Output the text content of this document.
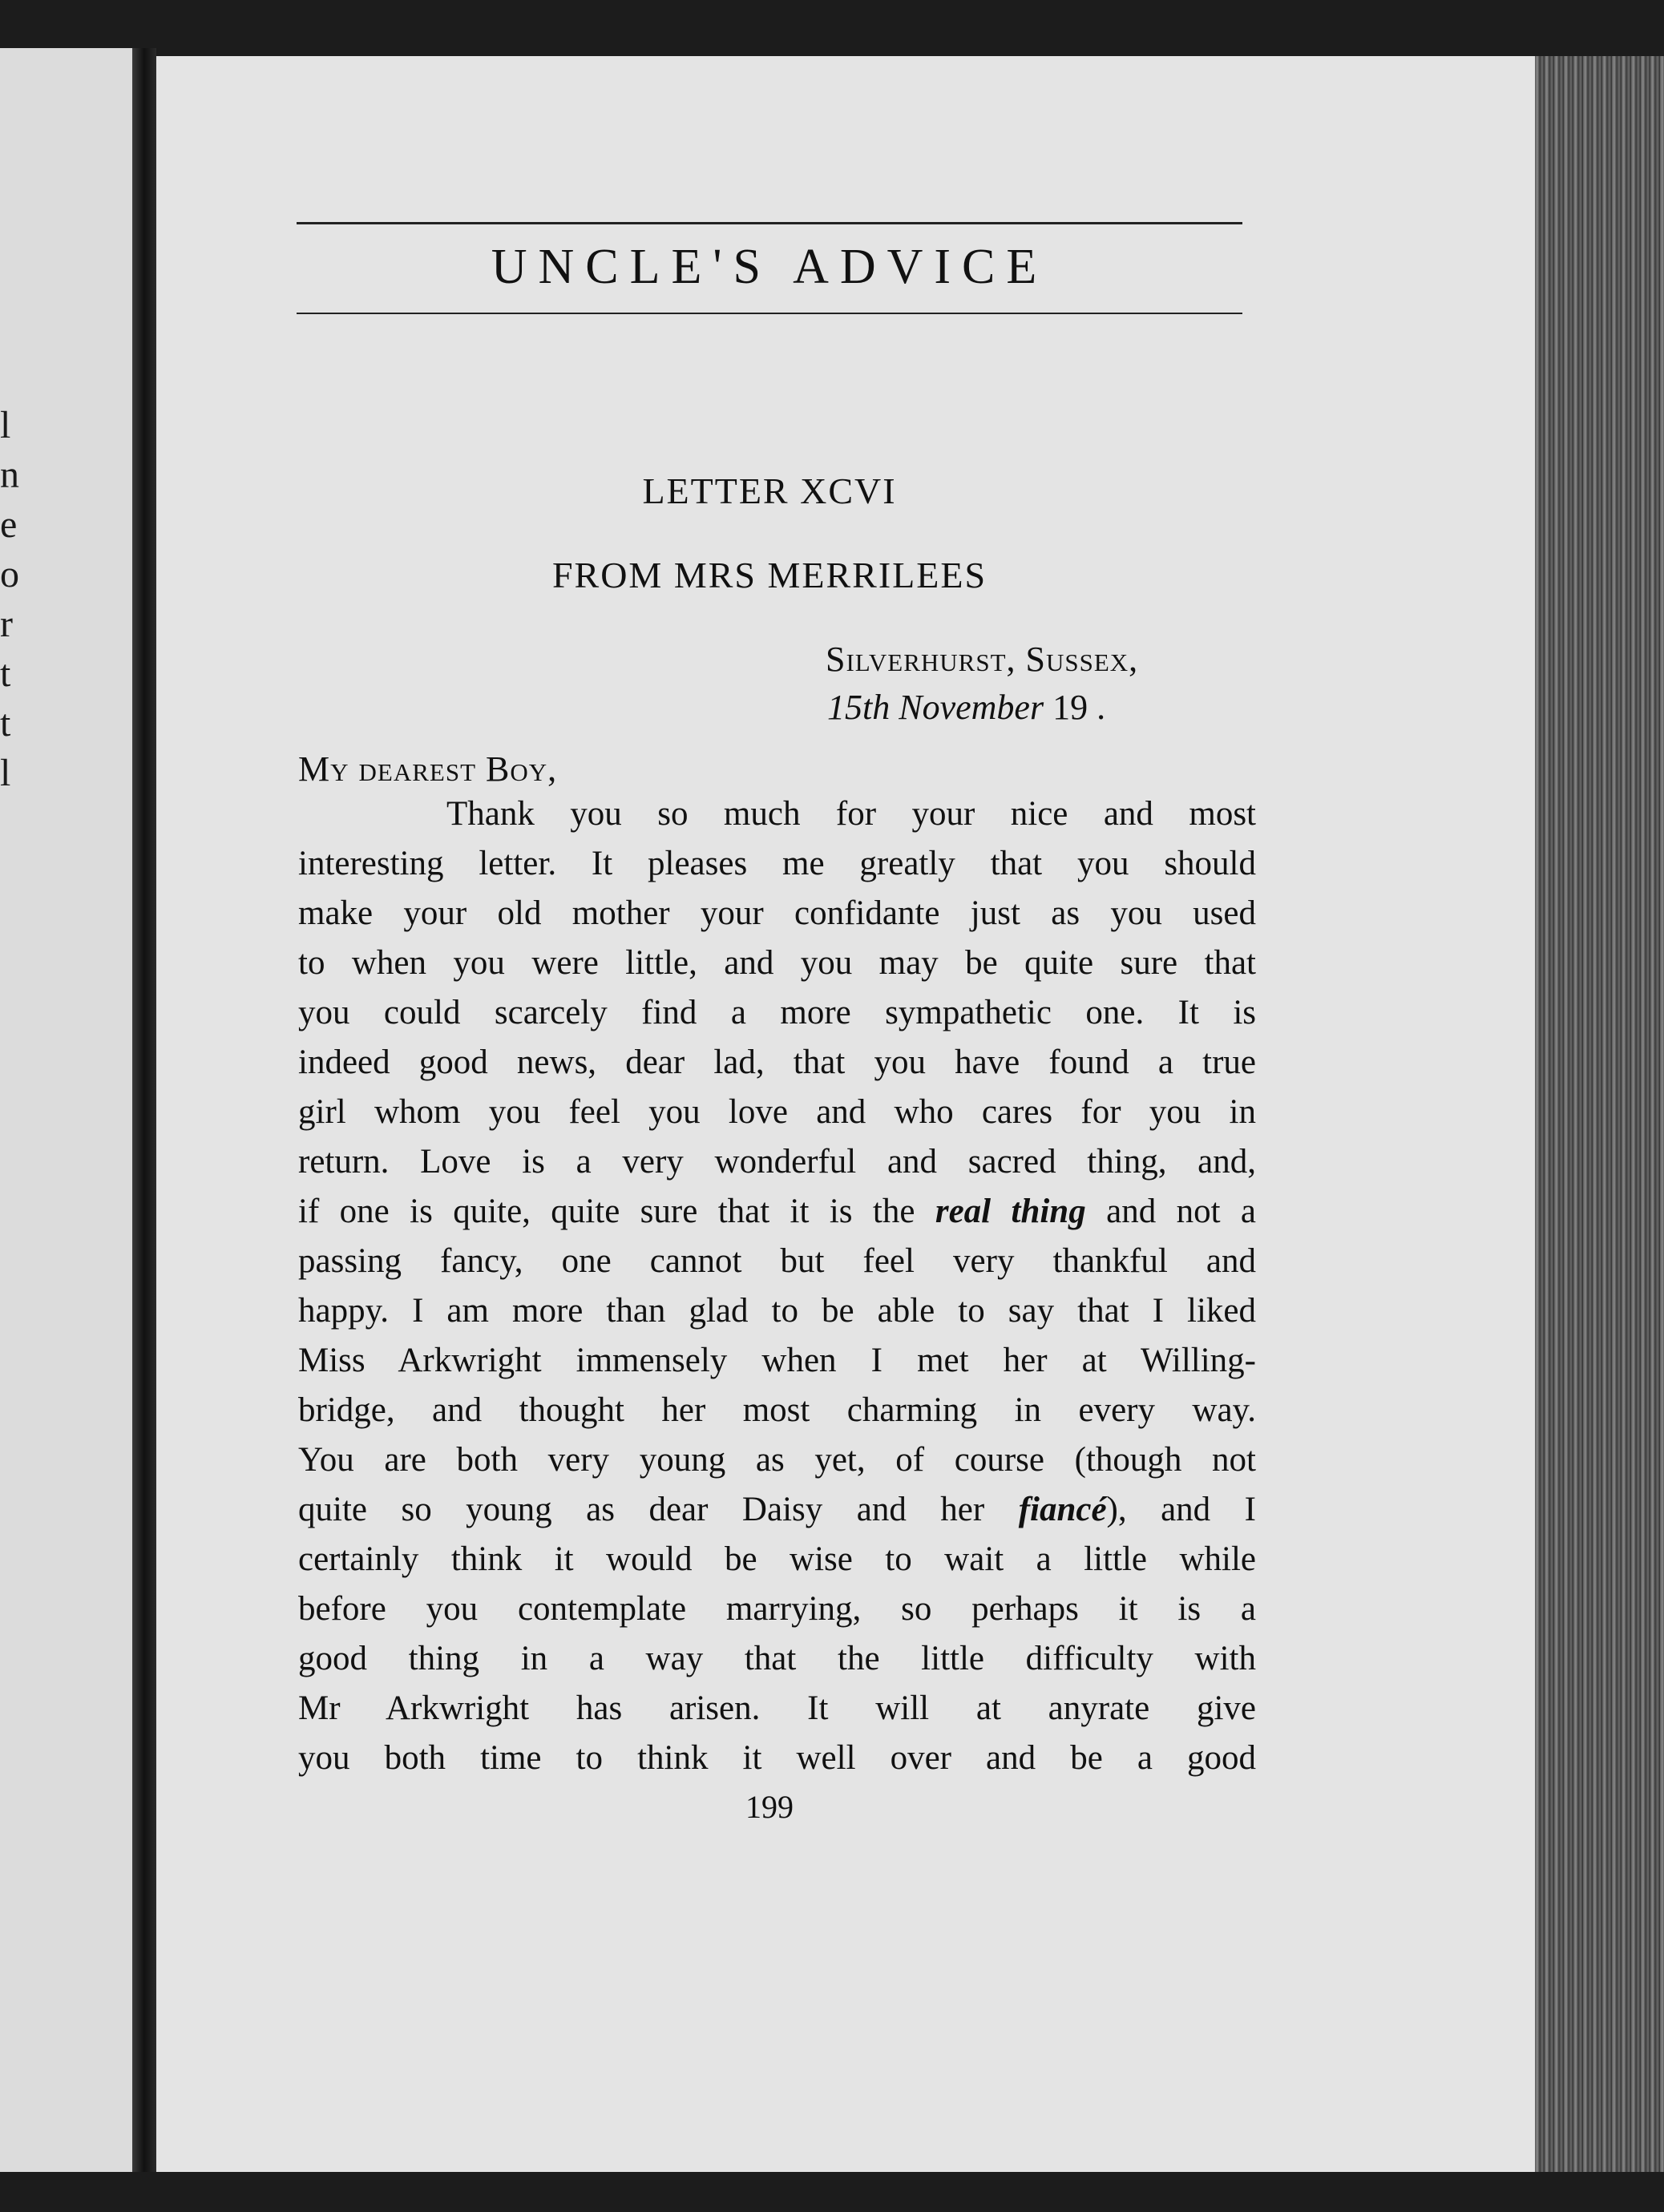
l
n
e
o
r
t
t
l
UNCLE'S ADVICE
LETTER XCVI
FROM MRS MERRILEES
Silverhurst, Sussex,
15th November 19 .
My dearest Boy,
Thank you so much for your nice and most
interesting letter. It pleases me greatly that you should
make your old mother your confidante just as you used
to when you were little, and you may be quite sure that
you could scarcely find a more sympathetic one. It is
indeed good news, dear lad, that you have found a true
girl whom you feel you love and who cares for you in
return. Love is a very wonderful and sacred thing, and,
if one is quite, quite sure that it is the real thing and not a
passing fancy, one cannot but feel very thankful and
happy. I am more than glad to be able to say that I liked
Miss Arkwright immensely when I met her at Willing-
bridge, and thought her most charming in every way.
You are both very young as yet, of course (though not
quite so young as dear Daisy and her fiancé), and I
certainly think it would be wise to wait a little while
before you contemplate marrying, so perhaps it is a
good thing in a way that the little difficulty with
Mr Arkwright has arisen. It will at anyrate give
you both time to think it well over and be a good
199
